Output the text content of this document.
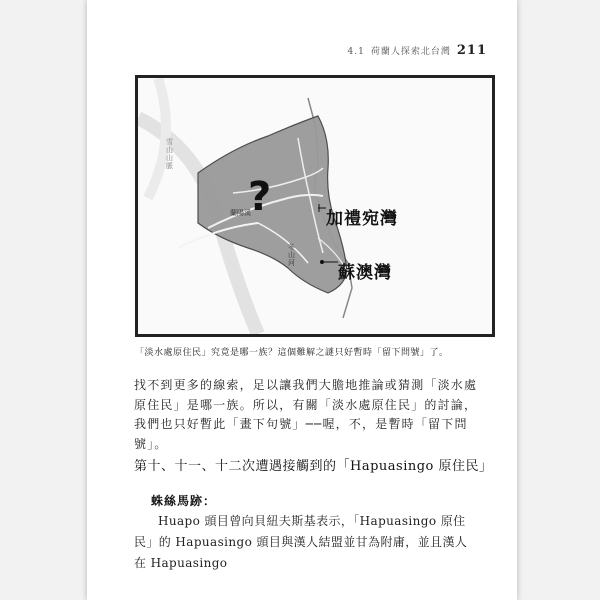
4.1 荷蘭人探索北台灣 211
?	加禮宛灣
蘇澳灣
蘭陽溪
冬山河
雪山山脈
「淡水處原住民」究竟是哪一族？這個難解之謎只好暫時「留下問號」了。

找不到更多的線索，足以讓我們大膽地推論或猜測「淡水處原住民」是哪一族。所以，有關「淡水處原住民」的討論，我們也只好暫此「畫下句號」──喔，不，是暫時「留下問號」。

第十、十一、十二次遭遇接觸到的「Hapuasingo 原住民」
蛛絲馬跡：

Huapo 頭目曾向貝紐夫斯基表示，「Hapuasingo 原住民」的 Hapuasingo 頭目與漢人結盟並甘為附庸，並且漢人在 Hapuasingo
